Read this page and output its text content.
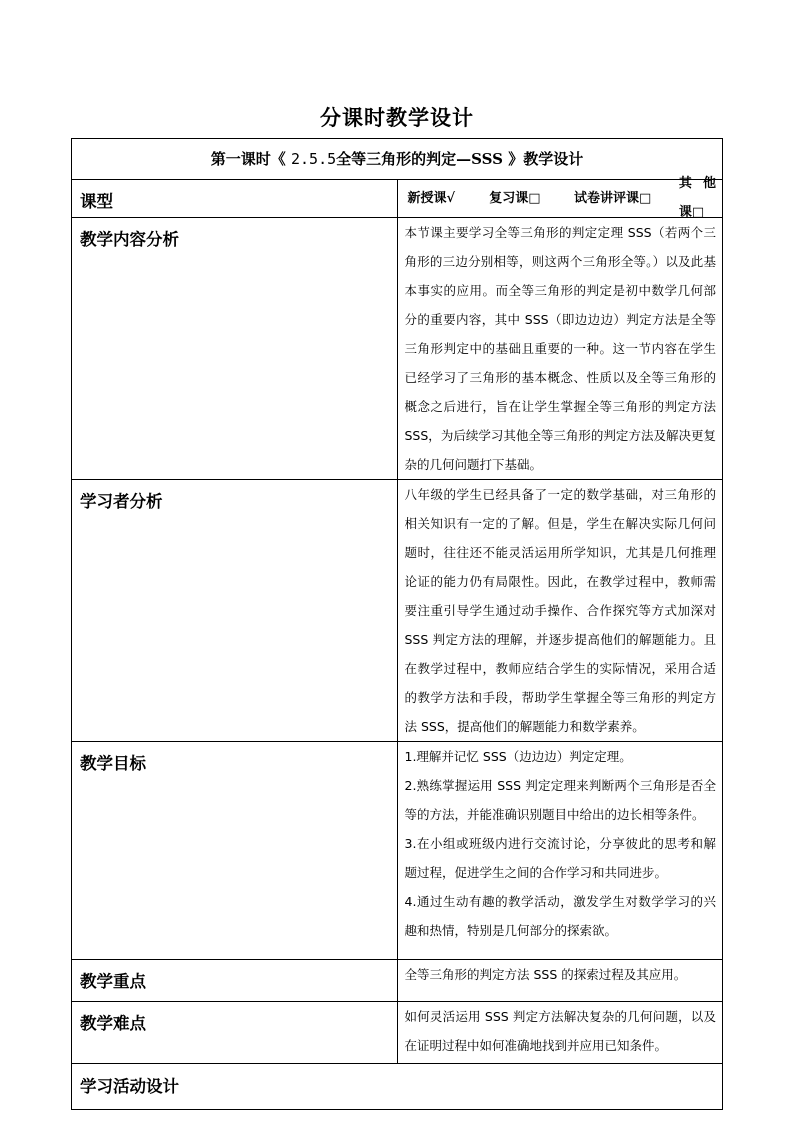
分课时教学设计
第一课时《 2.5.5全等三角形的判定—SSS 》教学设计	

课型	新授课√ 复习课□ 试卷讲评课□
其他课□

教学内容分析	本节课主要学习全等三角形的判定定理 SSS（若两个三角形的三边分别相等，则这两个三角形全等。）以及此基本事实的应用。而全等三角形的判定是初中数学几何部分的重要内容，其中 SSS（即边边边）判定方法是全等三角形判定中的基础且重要的一种。这一节内容在学生已经学习了三角形的基本概念、性质以及全等三角形的概念之后进行，旨在让学生掌握全等三角形的判定方法 SSS，为后续学习其他全等三角形的判定方法及解决更复杂的几何问题打下基础。
学习者分析	八年级的学生已经具备了一定的数学基础，对三角形的相关知识有一定的了解。但是，学生在解决实际几何问题时，往往还不能灵活运用所学知识，尤其是几何推理论证的能力仍有局限性。因此，在教学过程中，教师需要注重引导学生通过动手操作、合作探究等方式加深对 SSS 判定方法的理解，并逐步提高他们的解题能力。且在教学过程中，教师应结合学生的实际情况，采用合适的教学方法和手段，帮助学生掌握全等三角形的判定方法 SSS，提高他们的解题能力和数学素养。
教学目标	1.理解并记忆 SSS（边边边）判定定理。

2.熟练掌握运用 SSS 判定定理来判断两个三角形是否全等的方法，并能准确识别题目中给出的边长相等条件。

3.在小组或班级内进行交流讨论，分享彼此的思考和解题过程，促进学生之间的合作学习和共同进步。

4.通过生动有趣的教学活动，激发学生对数学学习的兴趣和热情，特别是几何部分的探索欲。

教学重点	全等三角形的判定方法 SSS 的探索过程及其应用。
教学难点	如何灵活运用 SSS 判定方法解决复杂的几何问题，以及在证明过程中如何准确地找到并应用已知条件。
学习活动设计	
